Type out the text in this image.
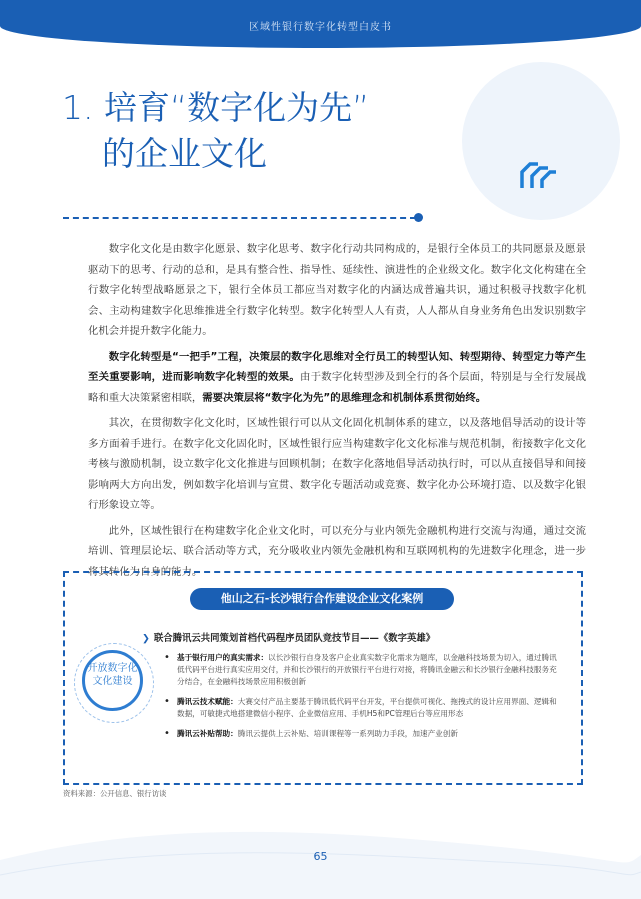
区域性银行数字化转型白皮书
1. 培育“数字化为先”
的企业文化

数字化文化是由数字化愿景、数字化思考、数字化行动共同构成的，是银行全体员工的共同愿景及愿景驱动下的思考、行动的总和，是具有整合性、指导性、延续性、演进性的企业级文化。数字化文化构建在全行数字化转型战略愿景之下，银行全体员工都应当对数字化的内涵达成普遍共识，通过积极寻找数字化机会、主动构建数字化思维推进全行数字化转型。数字化转型人人有责，人人都从自身业务角色出发识别数字化机会并提升数字化能力。

数字化转型是“一把手”工程，决策层的数字化思维对全行员工的转型认知、转型期待、转型定力等产生至关重要影响，进而影响数字化转型的效果。由于数字化转型涉及到全行的各个层面，特别是与全行发展战略和重大决策紧密相联，需要决策层将“数字化为先”的思维理念和机制体系贯彻始终。

其次，在贯彻数字化文化时，区域性银行可以从文化固化机制体系的建立，以及落地倡导活动的设计等多方面着手进行。在数字化文化固化时，区域性银行应当构建数字化文化标准与规范机制，衔接数字化文化考核与激励机制，设立数字化文化推进与回顾机制；在数字化落地倡导活动执行时，可以从直接倡导和间接影响两大方向出发，例如数字化培训与宣贯、数字化专题活动或竞赛、数字化办公环境打造、以及数字化银行形象设立等。

此外，区域性银行在构建数字化企业文化时，可以充分与业内领先金融机构进行交流与沟通，通过交流培训、管理层论坛、联合活动等方式，充分吸收业内领先金融机构和互联网机构的先进数字化理念，进一步将其转化为自身的能力。

他山之石-长沙银行合作建设企业文化案例
❯ 联合腾讯云共同策划首档代码程序员团队竞技节目——《数字英雄》
开放数字化文化建设
• 基于银行用户的真实需求：以长沙银行自身及客户企业真实数字化需求为题库，以金融科技场景为切入，通过腾讯低代码平台进行真实应用交付，并和长沙银行的开放银行平台进行对接，将腾讯金融云和长沙银行金融科技服务充分结合，在金融科技场景应用积极创新
• 腾讯云技术赋能：大赛交付产品主要基于腾讯低代码平台开发，平台提供可视化、拖拽式的设计应用界面、逻辑和数据，可敏捷式地搭建微信小程序、企业微信应用、手机H5和PC管理后台等应用形态
• 腾讯云补贴帮助：腾讯云提供上云补贴、培训课程等一系列助力手段，加速产业创新
资料来源：公开信息、银行访谈
65
